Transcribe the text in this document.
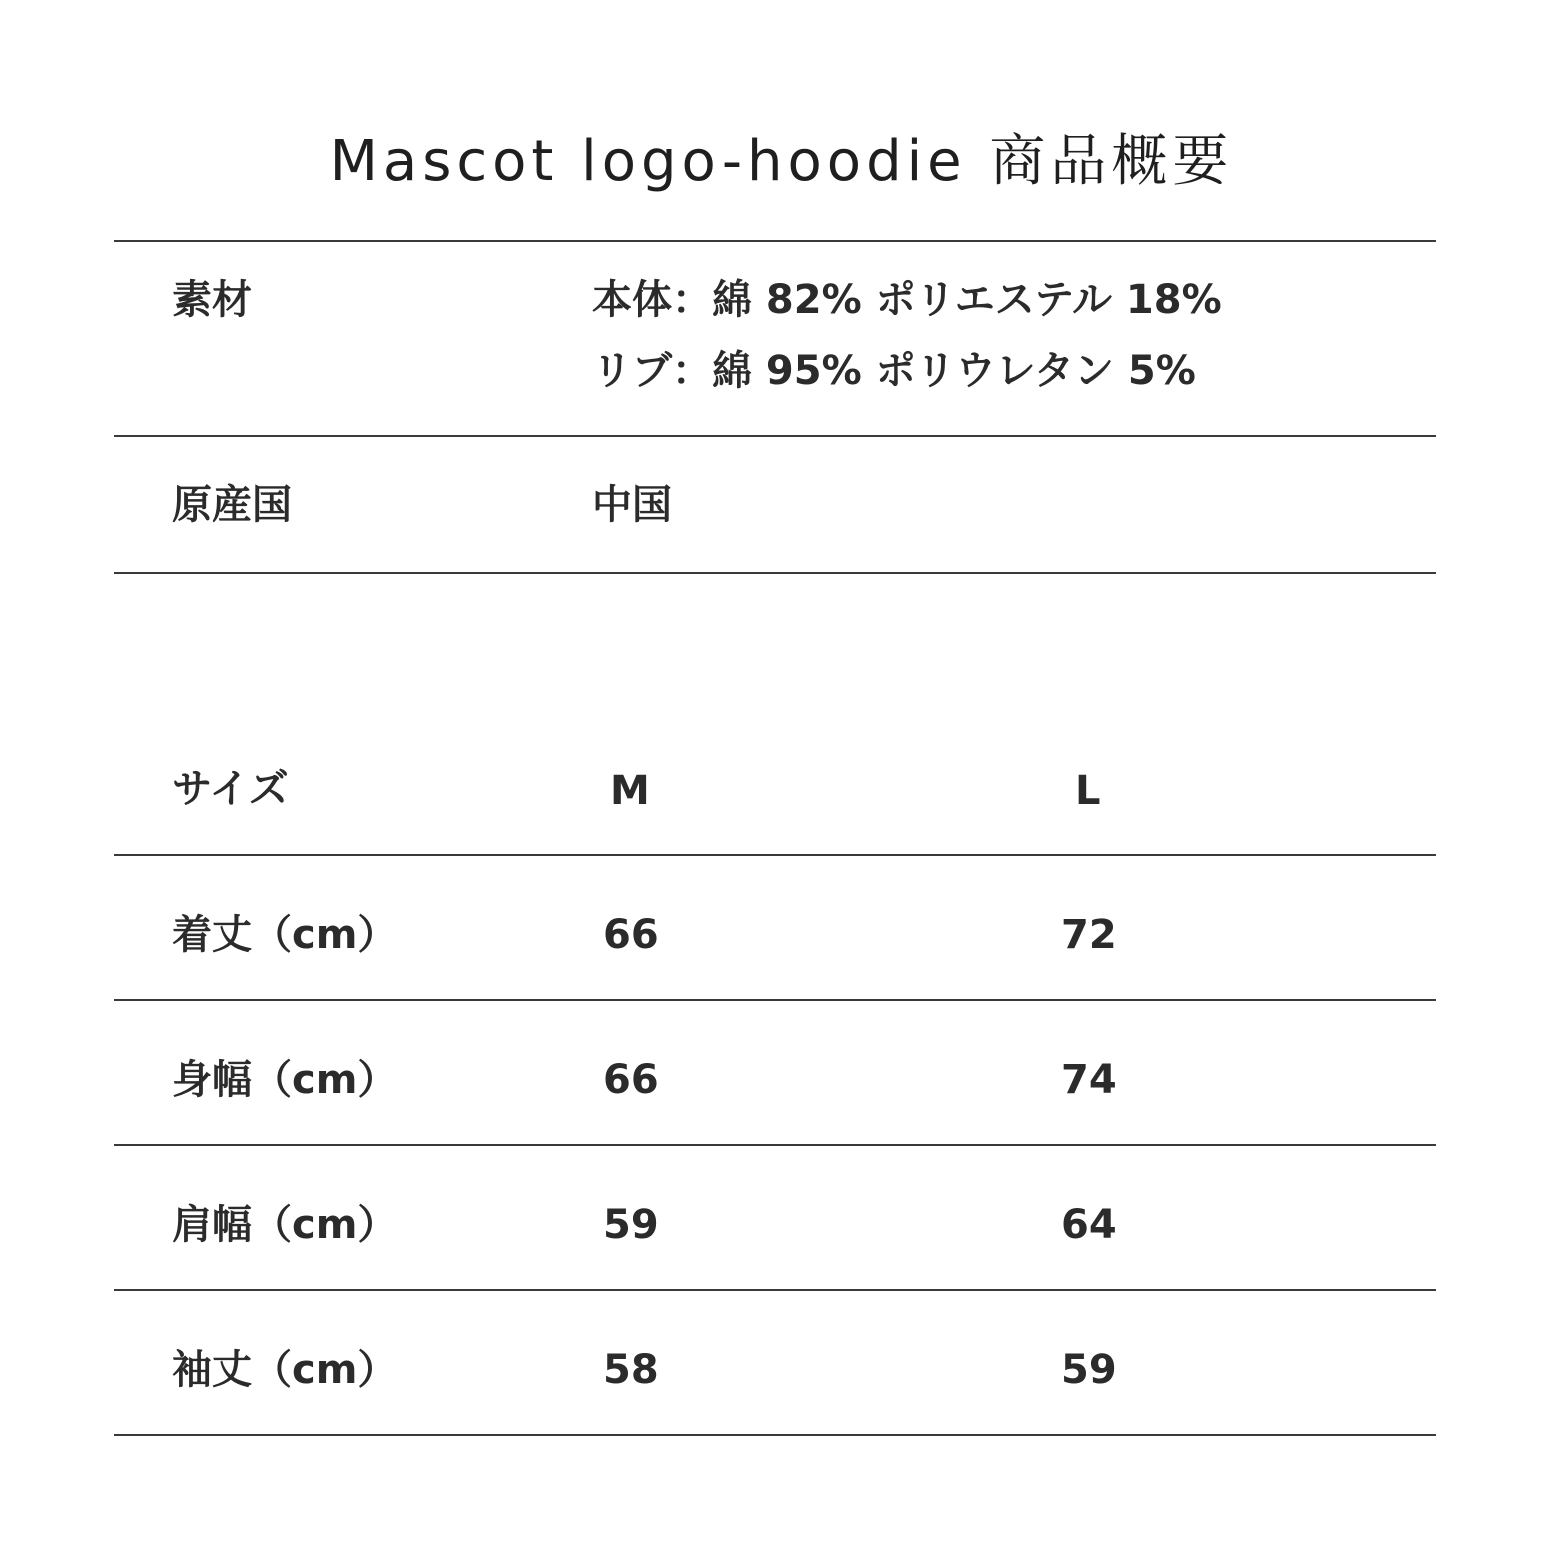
Mascot logo-hoodie 商品概要
素材	本体：綿 82% ポリエステル 18%
リブ：綿 95% ポリウレタン 5%
原産国	中国
サイズ	M	L
着丈（cm）	66	72
身幅（cm）	66	74
肩幅（cm）	59	64
袖丈（cm）	58	59
